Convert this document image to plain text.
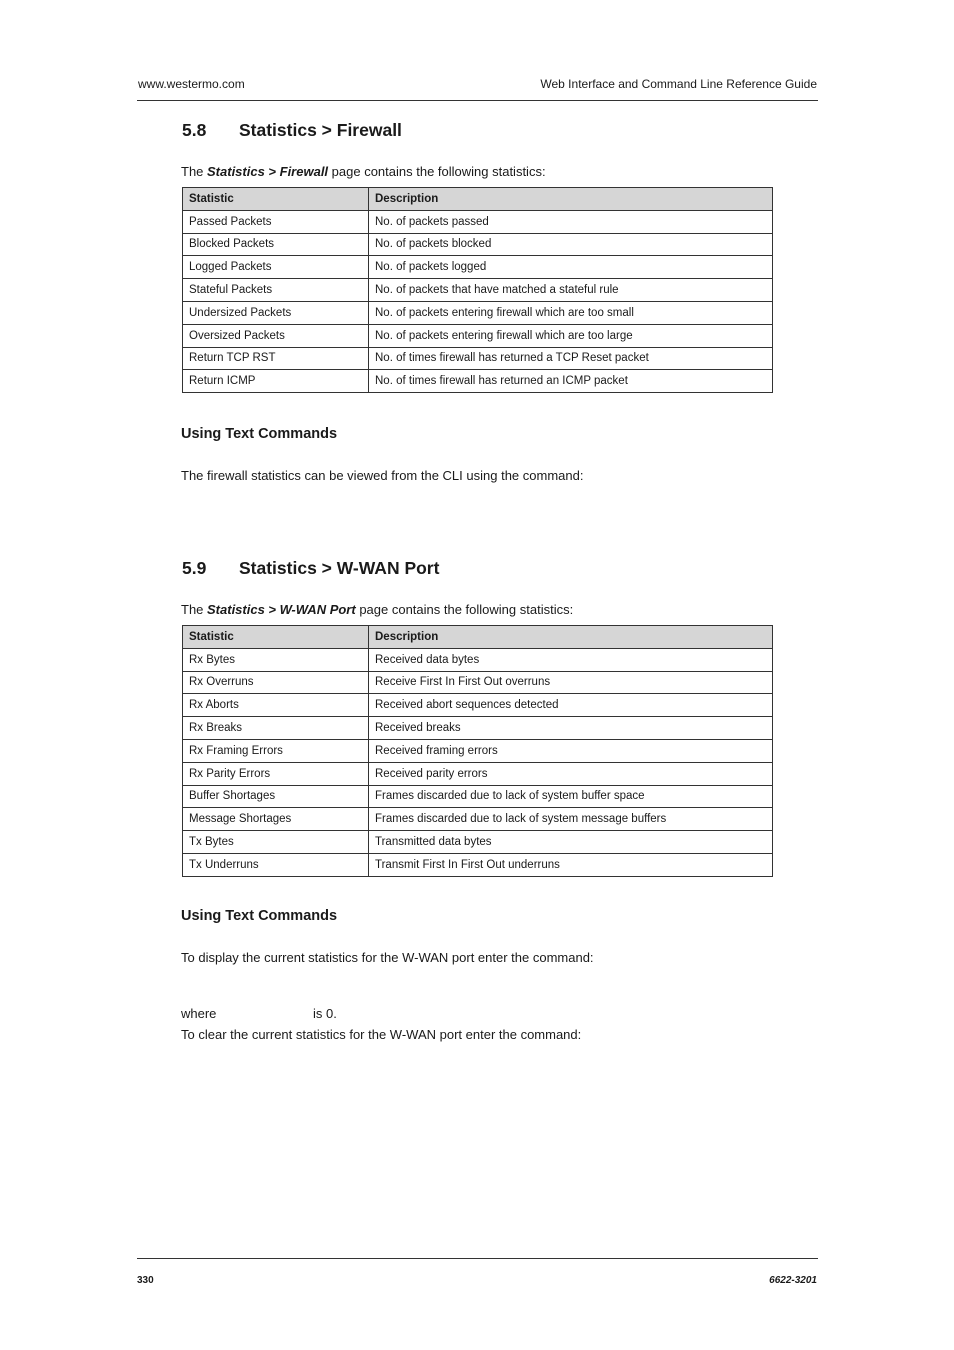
www.westermo.com	Web Interface and Command Line Reference Guide
5.8 Statistics > Firewall
The Statistics > Firewall page contains the following statistics:
Statistic	Description
Passed Packets	No. of packets passed
Blocked Packets	No. of packets blocked
Logged Packets	No. of packets logged
Stateful Packets	No. of packets that have matched a stateful rule
Undersized Packets	No. of packets entering firewall which are too small
Oversized Packets	No. of packets entering firewall which are too large
Return TCP RST	No. of times firewall has returned a TCP Reset packet
Return ICMP	No. of times firewall has returned an ICMP packet
Using Text Commands
The firewall statistics can be viewed from the CLI using the command:
5.9 Statistics > W-WAN Port
The Statistics > W-WAN Port page contains the following statistics:
Statistic	Description
Rx Bytes	Received data bytes
Rx Overruns	Receive First In First Out overruns
Rx Aborts	Received abort sequences detected
Rx Breaks	Received breaks
Rx Framing Errors	Received framing errors
Rx Parity Errors	Received parity errors
Buffer Shortages	Frames discarded due to lack of system buffer space
Message Shortages	Frames discarded due to lack of system message buffers
Tx Bytes	Transmitted data bytes
Tx Underruns	Transmit First In First Out underruns
Using Text Commands
To display the current statistics for the W-WAN port enter the command:
where	is 0.
To clear the current statistics for the W-WAN port enter the command:
330	6622-3201
